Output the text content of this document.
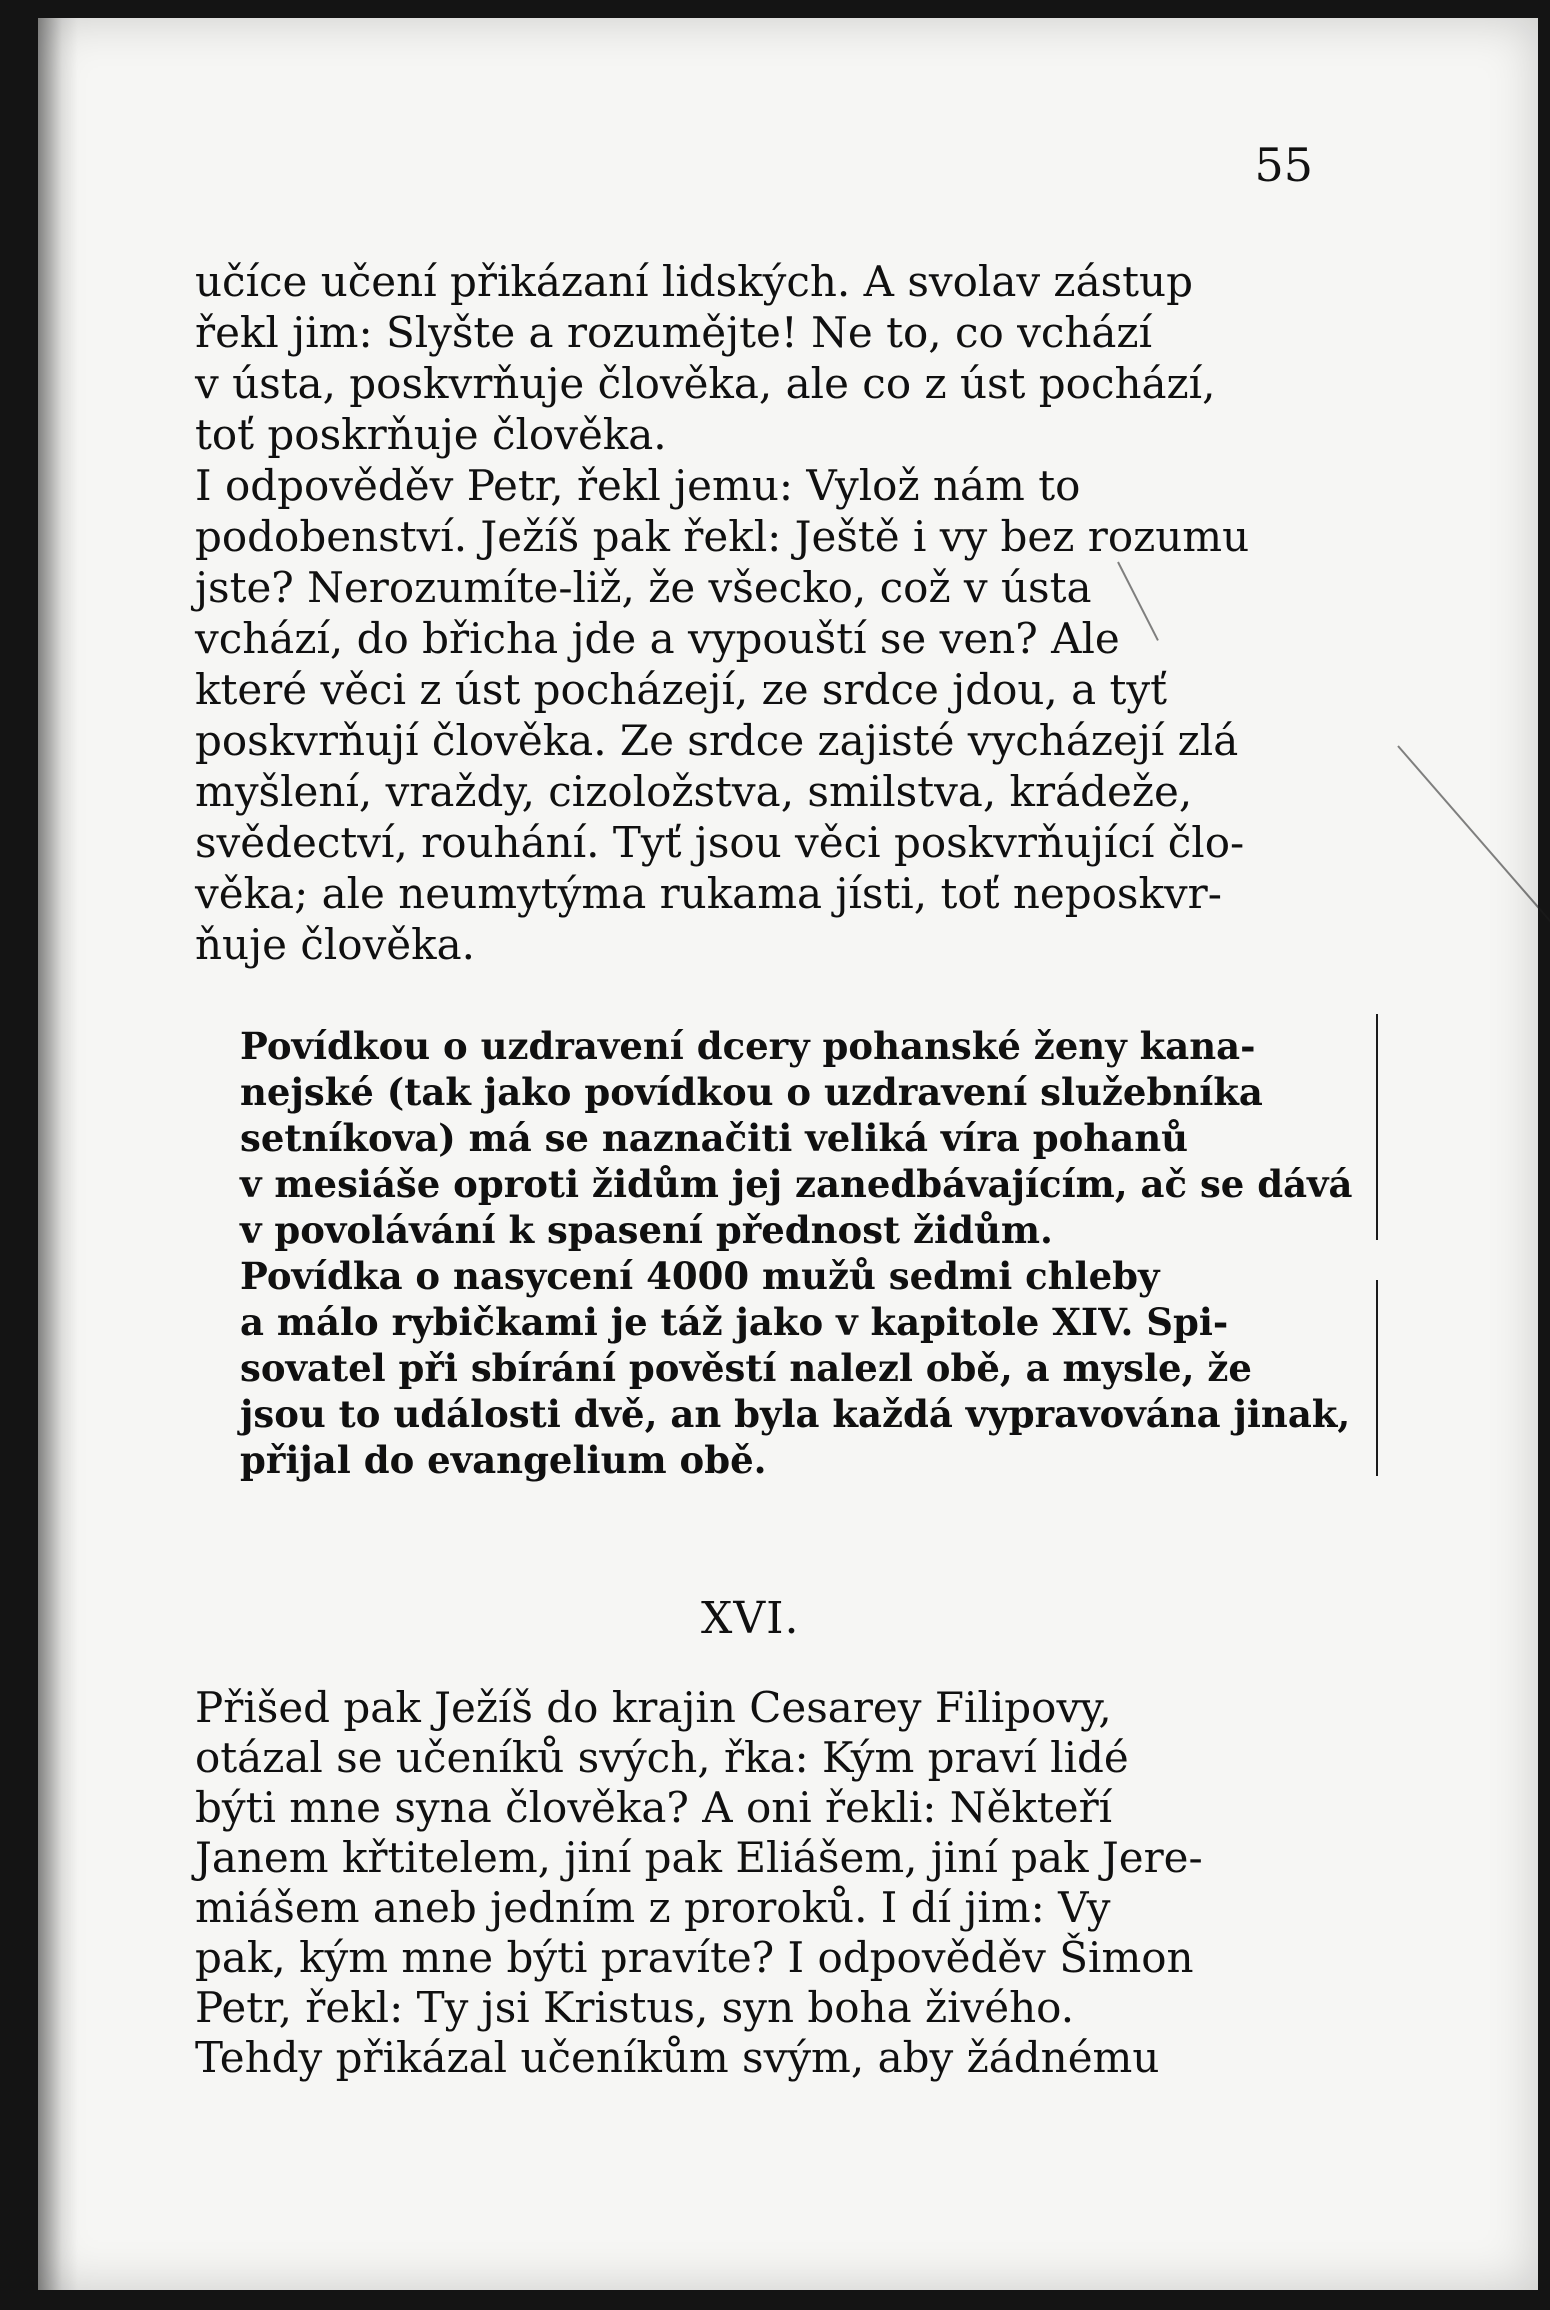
55
učíce učení přikázaní lidských. A svolav zástup
řekl jim: Slyšte a rozumějte! Ne to, co vchází
v ústa, poskvrňuje člověka, ale co z úst pochází,
toť poskrňuje člověka.
I odpověděv Petr, řekl jemu: Vylož nám to
podobenství. Ježíš pak řekl: Ještě i vy bez rozumu
jste? Nerozumíte-liž, že všecko, což v ústa
vchází, do břicha jde a vypouští se ven? Ale
které věci z úst pocházejí, ze srdce jdou, a tyť
poskvrňují člověka. Ze srdce zajisté vycházejí zlá
myšlení, vraždy, cizoložstva, smilstva, krádeže,
svědectví, rouhání. Tyť jsou věci poskvrňující člo-
věka; ale neumytýma rukama jísti, toť neposkvr-
ňuje člověka.
Povídkou o uzdravení dcery pohanské ženy kana-
nejské (tak jako povídkou o uzdravení služebníka
setníkova) má se naznačiti veliká víra pohanů
v mesiáše oproti židům jej zanedbávajícím, ač se dává
v povolávání k spasení přednost židům.
Povídka o nasycení 4000 mužů sedmi chleby
a málo rybičkami je táž jako v kapitole XIV. Spi-
sovatel při sbírání pověstí nalezl obě, a mysle, že
jsou to události dvě, an byla každá vypravována jinak,
přijal do evangelium obě.
XVI.
Přišed pak Ježíš do krajin Cesarey Filipovy,
otázal se učeníků svých, řka: Kým praví lidé
býti mne syna člověka? A oni řekli: Někteří
Janem křtitelem, jiní pak Eliášem, jiní pak Jere-
miášem aneb jedním z proroků. I dí jim: Vy
pak, kým mne býti pravíte? I odpověděv Šimon
Petr, řekl: Ty jsi Kristus, syn boha živého.
Tehdy přikázal učeníkům svým, aby žádnému
